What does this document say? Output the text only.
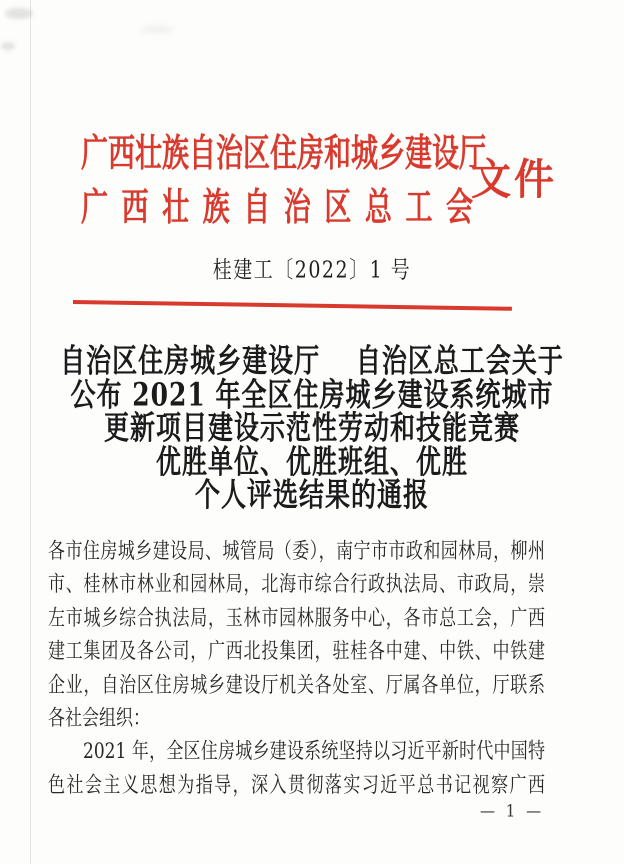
广西壮族自治区住房和城乡建设厅
广西壮族自治区总工会
文件
桂建工〔2022〕1 号
自治区住房城乡建设厅　 自治区总工会关于
公布 2021 年全区住房城乡建设系统城市
更新项目建设示范性劳动和技能竞赛
优胜单位、优胜班组、优胜
个人评选结果的通报
各市住房城乡建设局、城管局（委），南宁市市政和园林局，柳州
市、桂林市林业和园林局，北海市综合行政执法局、市政局，崇
左市城乡综合执法局，玉林市园林服务中心，各市总工会，广西
建工集团及各公司，广西北投集团，驻桂各中建、中铁、中铁建
企业，自治区住房城乡建设厅机关各处室、厅属各单位，厅联系
各社会组织：
2021 年，全区住房城乡建设系统坚持以习近平新时代中国特
色社会主义思想为指导，深入贯彻落实习近平总书记视察广西
— 1 —
